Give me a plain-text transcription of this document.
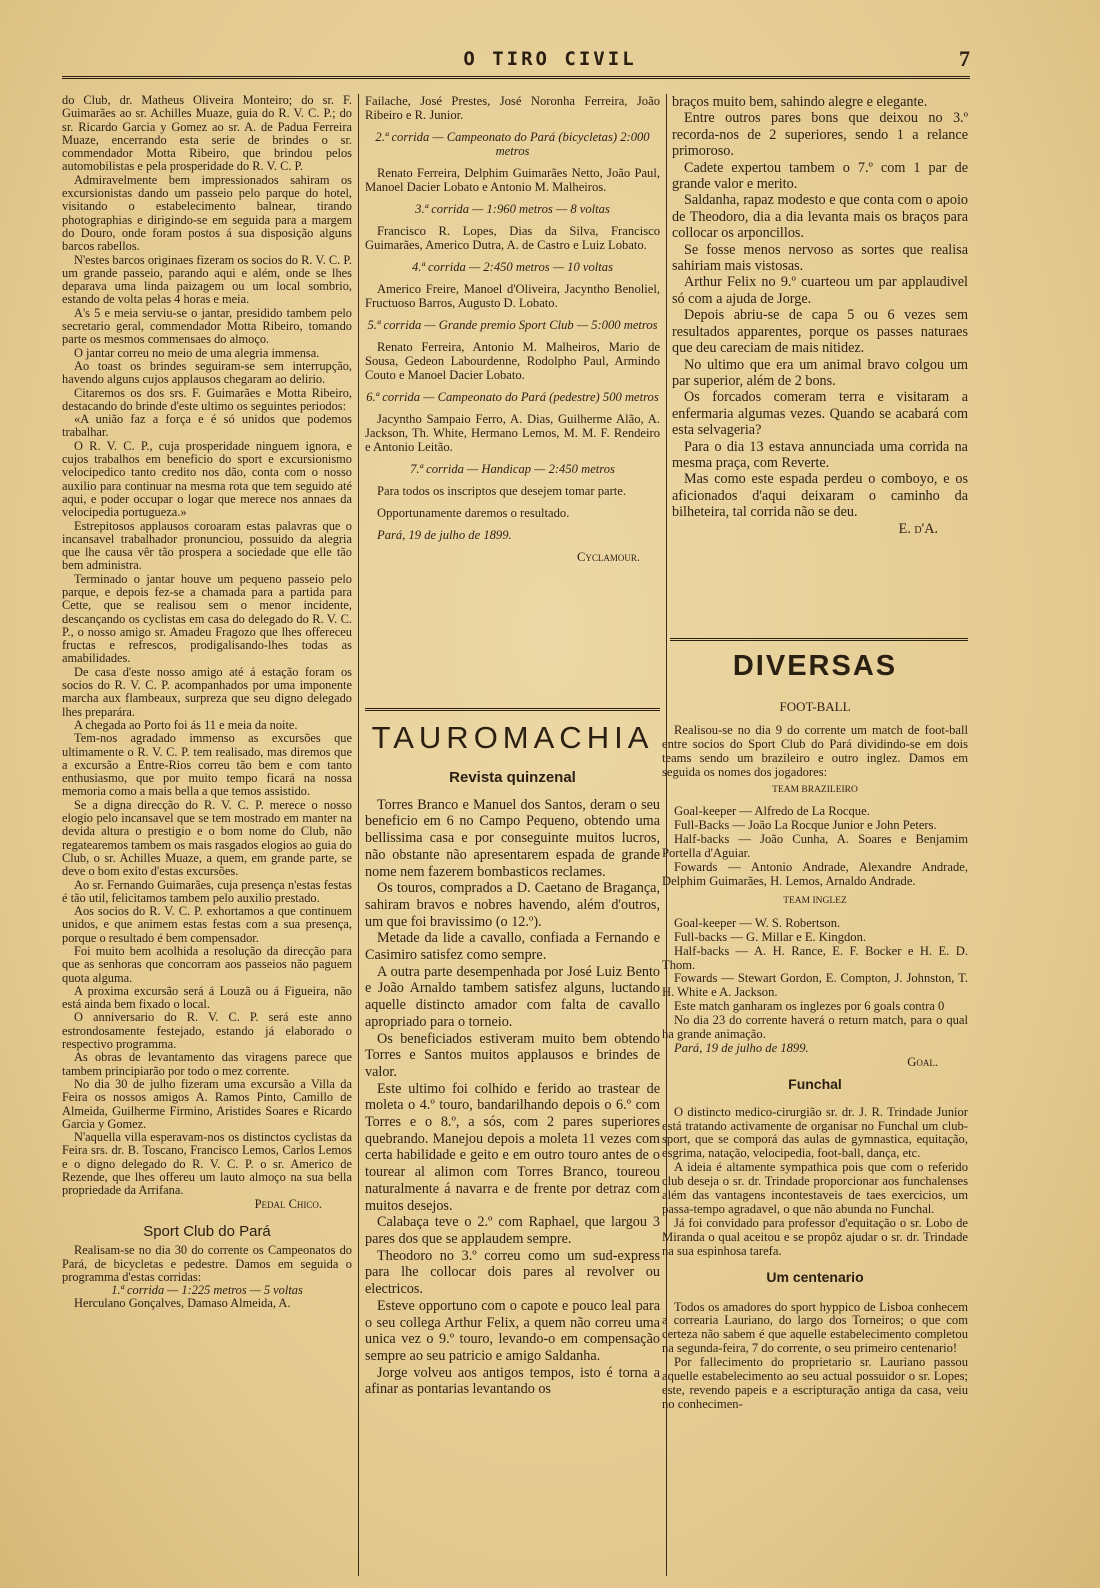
O TIRO CIVIL	7

do Club, dr. Matheus Oliveira Monteiro; do sr. F. Guimarães ao sr. Achilles Muaze, guia do R. V. C. P.; do sr. Ricardo Garcia y Gomez ao sr. A. de Padua Ferreira Muaze, encerrando esta serie de brindes o sr. commendador Motta Ribeiro, que brindou pelos automobilistas e pela prosperidade do R. V. C. P.

Admiravelmente bem impressionados sahiram os excursionistas dando um passeio pelo parque do hotel, visitando o estabelecimento balnear, tirando photographias e dirigindo-se em seguida para a margem do Douro, onde foram postos á sua disposição alguns barcos rabellos.

N'estes barcos originaes fizeram os socios do R. V. C. P. um grande passeio, parando aqui e além, onde se lhes deparava uma linda paizagem ou um local sombrio, estando de volta pelas 4 horas e meia.

A's 5 e meia serviu-se o jantar, presidido tambem pelo secretario geral, commendador Motta Ribeiro, tomando parte os mesmos commensaes do almoço.

O jantar correu no meio de uma alegria immensa.

Ao toast os brindes seguiram-se sem interrupção, havendo alguns cujos applausos chegaram ao delirio.

Citaremos os dos srs. F. Guimarães e Motta Ribeiro, destacando do brinde d'este ultimo os seguintes periodos:

«A união faz a força e é só unidos que podemos trabalhar.

O R. V. C. P., cuja prosperidade ninguem ignora, e cujos trabalhos em beneficio do sport e excursionismo velocipedico tanto credito nos dão, conta com o nosso auxilio para continuar na mesma rota que tem seguido até aqui, e poder occupar o logar que merece nos annaes da velocipedia portugueza.»

Estrepitosos applausos coroaram estas palavras que o incansavel trabalhador pronunciou, possuido da alegria que lhe causa vêr tão prospera a sociedade que elle tão bem administra.

Terminado o jantar houve um pequeno passeio pelo parque, e depois fez-se a chamada para a partida para Cette, que se realisou sem o menor incidente, descançando os cyclistas em casa do delegado do R. V. C. P., o nosso amigo sr. Amadeu Fragozo que lhes offereceu fructas e refrescos, prodigalisando-lhes todas as amabilidades.

De casa d'este nosso amigo até á estação foram os socios do R. V. C. P. acompanhados por uma imponente marcha aux flambeaux, surpreza que seu digno delegado lhes preparára.

A chegada ao Porto foi ás 11 e meia da noite.

Tem-nos agradado immenso as excursões que ultimamente o R. V. C. P. tem realisado, mas diremos que a excursão a Entre-Rios correu tão bem e com tanto enthusiasmo, que por muito tempo ficará na nossa memoria como a mais bella a que temos assistido.

Se a digna direcção do R. V. C. P. merece o nosso elogio pelo incansavel que se tem mostrado em manter na devida altura o prestigio e o bom nome do Club, não regatearemos tambem os mais rasgados elogios ao guia do Club, o sr. Achilles Muaze, a quem, em grande parte, se deve o bom exito d'estas excursões.

Ao sr. Fernando Guimarães, cuja presença n'estas festas é tão util, felicitamos tambem pelo auxilio prestado.

Aos socios do R. V. C. P. exhortamos a que continuem unidos, e que animem estas festas com a sua presença, porque o resultado é bem compensador.

Foi muito bem acolhida a resolução da direcção para que as senhoras que concorram aos passeios não paguem quota alguma.

A proxima excursão será á Louzã ou á Figueira, não está ainda bem fixado o local.

O anniversario do R. V. C. P. será este anno estrondosamente festejado, estando já elaborado o respectivo programma.

As obras de levantamento das viragens parece que tambem principiarão por todo o mez corrente.

No dia 30 de julho fizeram uma excursão a Villa da Feira os nossos amigos A. Ramos Pinto, Camillo de Almeida, Guilherme Firmino, Aristides Soares e Ricardo Garcia y Gomez.

N'aquella villa esperavam-nos os distinctos cyclistas da Feira srs. dr. B. Toscano, Francisco Lemos, Carlos Lemos e o digno delegado do R. V. C. P. o sr. Americo de Rezende, que lhes offereu um lauto almoço na sua bella propriedade da Arrifana.

Pedal Chico.

Sport Club do Pará

Realisam-se no dia 30 do corrente os Campeonatos do Pará, de bicycletas e pedestre. Damos em seguida o programma d'estas corridas:

1.ª corrida — 1:225 metros — 5 voltas

Herculano Gonçalves, Damaso Almeida, A.

Failache, José Prestes, José Noronha Ferreira, João Ribeiro e R. Junior.

2.ª corrida — Campeonato do Pará (bicycletas) 2:000 metros

Renato Ferreira, Delphim Guimarães Netto, João Paul, Manoel Dacier Lobato e Antonio M. Malheiros.

3.ª corrida — 1:960 metros — 8 voltas

Francisco R. Lopes, Dias da Silva, Francisco Guimarães, Americo Dutra, A. de Castro e Luiz Lobato.

4.ª corrida — 2:450 metros — 10 voltas

Americo Freire, Manoel d'Oliveira, Jacyntho Benoliel, Fructuoso Barros, Augusto D. Lobato.

5.ª corrida — Grande premio Sport Club — 5:000 metros

Renato Ferreira, Antonio M. Malheiros, Mario de Sousa, Gedeon Labourdenne, Rodolpho Paul, Armindo Couto e Manoel Dacier Lobato.

6.ª corrida — Campeonato do Pará (pedestre) 500 metros

Jacyntho Sampaio Ferro, A. Dias, Guilherme Alão, A. Jackson, Th. White, Hermano Lemos, M. M. F. Rendeiro e Antonio Leitão.

7.ª corrida — Handicap — 2:450 metros

Para todos os inscriptos que desejem tomar parte.

Opportunamente daremos o resultado.

Pará, 19 de julho de 1899.

Cyclamour.

TAUROMACHIA
Revista quinzenal

Torres Branco e Manuel dos Santos, deram o seu beneficio em 6 no Campo Pequeno, obtendo uma bellissima casa e por conseguinte muitos lucros, não obstante não apresentarem espada de grande nome nem fazerem bombasticos reclames.

Os touros, comprados a D. Caetano de Bragança, sahiram bravos e nobres havendo, além d'outros, um que foi bravissimo (o 12.º).

Metade da lide a cavallo, confiada a Fernando e Casimiro satisfez como sempre.

A outra parte desempenhada por José Luiz Bento e João Arnaldo tambem satisfez alguns, luctando aquelle distincto amador com falta de cavallo apropriado para o torneio.

Os beneficiados estiveram muito bem obtendo Torres e Santos muitos applausos e brindes de valor.

Este ultimo foi colhido e ferido ao trastear de moleta o 4.º touro, bandarilhando depois o 6.º com Torres e o 8.º, a sós, com 2 pares superiores quebrando. Manejou depois a moleta 11 vezes com certa habilidade e geito e em outro touro antes de o tourear al alimon com Torres Branco, toureou naturalmente á navarra e de frente por detraz com muitos desejos.

Calabaça teve o 2.º com Raphael, que largou 3 pares dos que se applaudem sempre.

Theodoro no 3.º correu como um sud-express para lhe collocar dois pares al revolver ou electricos.

Esteve opportuno com o capote e pouco leal para o seu collega Arthur Felix, a quem não correu uma unica vez o 9.º touro, levando-o em compensação sempre ao seu patricio e amigo Saldanha.

Jorge volveu aos antigos tempos, isto é torna a afinar as pontarias levantando os

braços muito bem, sahindo alegre e elegante.

Entre outros pares bons que deixou no 3.º recorda-nos de 2 superiores, sendo 1 a relance primoroso.

Cadete expertou tambem o 7.º com 1 par de grande valor e merito.

Saldanha, rapaz modesto e que conta com o apoio de Theodoro, dia a dia levanta mais os braços para collocar os arponcillos.

Se fosse menos nervoso as sortes que realisa sahiriam mais vistosas.

Arthur Felix no 9.º cuarteou um par applaudivel só com a ajuda de Jorge.

Depois abriu-se de capa 5 ou 6 vezes sem resultados apparentes, porque os passes naturaes que deu careciam de mais nitidez.

No ultimo que era um animal bravo colgou um par superior, além de 2 bons.

Os forcados comeram terra e visitaram a enfermaria algumas vezes. Quando se acabará com esta selvageria?

Para o dia 13 estava annunciada uma corrida na mesma praça, com Reverte.

Mas como este espada perdeu o comboyo, e os aficionados d'aqui deixaram o caminho da bilheteira, tal corrida não se deu.

E. d'A.

DIVERSAS

FOOT-BALL

Realisou-se no dia 9 do corrente um match de foot-ball entre socios do Sport Club do Pará dividindo-se em dois teams sendo um brazileiro e outro inglez. Damos em seguida os nomes dos jogadores:

TEAM BRAZILEIRO

Goal-keeper — Alfredo de La Rocque.

Full-Backs — João La Rocque Junior e John Peters.

Half-backs — João Cunha, A. Soares e Benjamim Portella d'Aguiar.

Fowards — Antonio Andrade, Alexandre Andrade, Delphim Guimarães, H. Lemos, Arnaldo Andrade.

TEAM INGLEZ

Goal-keeper — W. S. Robertson.

Full-backs — G. Millar e E. Kingdon.

Half-backs — A. H. Rance, E. F. Bocker e H. E. D. Thom.

Fowards — Stewart Gordon, E. Compton, J. Johnston, T. H. White e A. Jackson.

Este match ganharam os inglezes por 6 goals contra 0

No dia 23 do corrente haverá o return match, para o qual ha grande animação.

Pará, 19 de julho de 1899.

Goal.

Funchal

O distincto medico-cirurgião sr. dr. J. R. Trindade Junior está tratando activamente de organisar no Funchal um club-sport, que se comporá das aulas de gymnastica, equitação, esgrima, natação, velocipedia, foot-ball, dança, etc.

A ideia é altamente sympathica pois que com o referido club deseja o sr. dr. Trindade proporcionar aos funchalenses além das vantagens incontestaveis de taes exercicios, um passa-tempo agradavel, o que não abunda no Funchal.

Já foi convidado para professor d'equitação o sr. Lobo de Miranda o qual aceitou e se propôz ajudar o sr. dr. Trindade na sua espinhosa tarefa.

Um centenario

Todos os amadores do sport hyppico de Lisboa conhecem a correaria Lauriano, do largo dos Torneiros; o que com certeza não sabem é que aquelle estabelecimento completou na segunda-feira, 7 do corrente, o seu primeiro centenario!

Por fallecimento do proprietario sr. Lauriano passou aquelle estabelecimento ao seu actual possuidor o sr. Lopes; este, revendo papeis e a escripturação antiga da casa, veiu no conhecimen-
